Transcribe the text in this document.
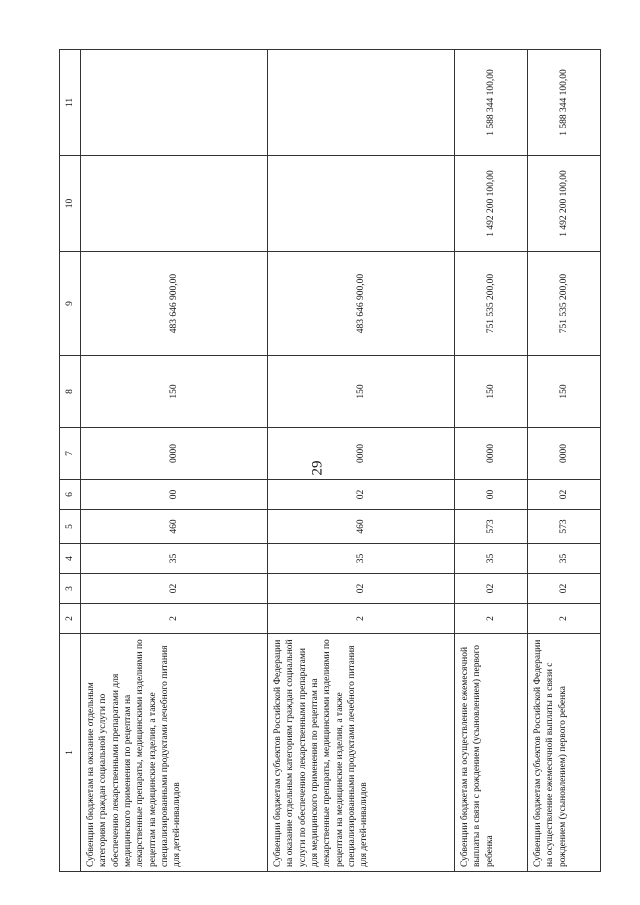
29
1	2	3	4	5	6	7	8	9	10	11
Субвенции бюджетам на оказание отдельным категориям граждан социальной услуги по обеспечению лекарственными препаратами для медицинского применения по рецептам на лекарственные препараты, медицинскими изделиями по рецептам на медицинские изделия, а также специализированными продуктами лечебного питания для детей-инвалидов	2	02	35	460	00	0000	150	483 646 900,00		
Субвенции бюджетам субъектов Российской Федерации на оказание отдельным категориям граждан социальной услуги по обеспечению лекарственными препаратами для медицинского применения по рецептам на лекарственные препараты, медицинскими изделиями по рецептам на медицинские изделия, а также специализированными продуктами лечебного питания для детей-инвалидов	2	02	35	460	02	0000	150	483 646 900,00		
Субвенции бюджетам на осуществление ежемесячной выплаты в связи с рождением (усыновлением) первого ребенка	2	02	35	573	00	0000	150	751 535 200,00	1 492 200 100,00	1 588 344 100,00
Субвенции бюджетам субъектов Российской Федерации на осуществление ежемесячной выплаты в связи с рождением (усыновлением) первого ребенка	2	02	35	573	02	0000	150	751 535 200,00	1 492 200 100,00	1 588 344 100,00
